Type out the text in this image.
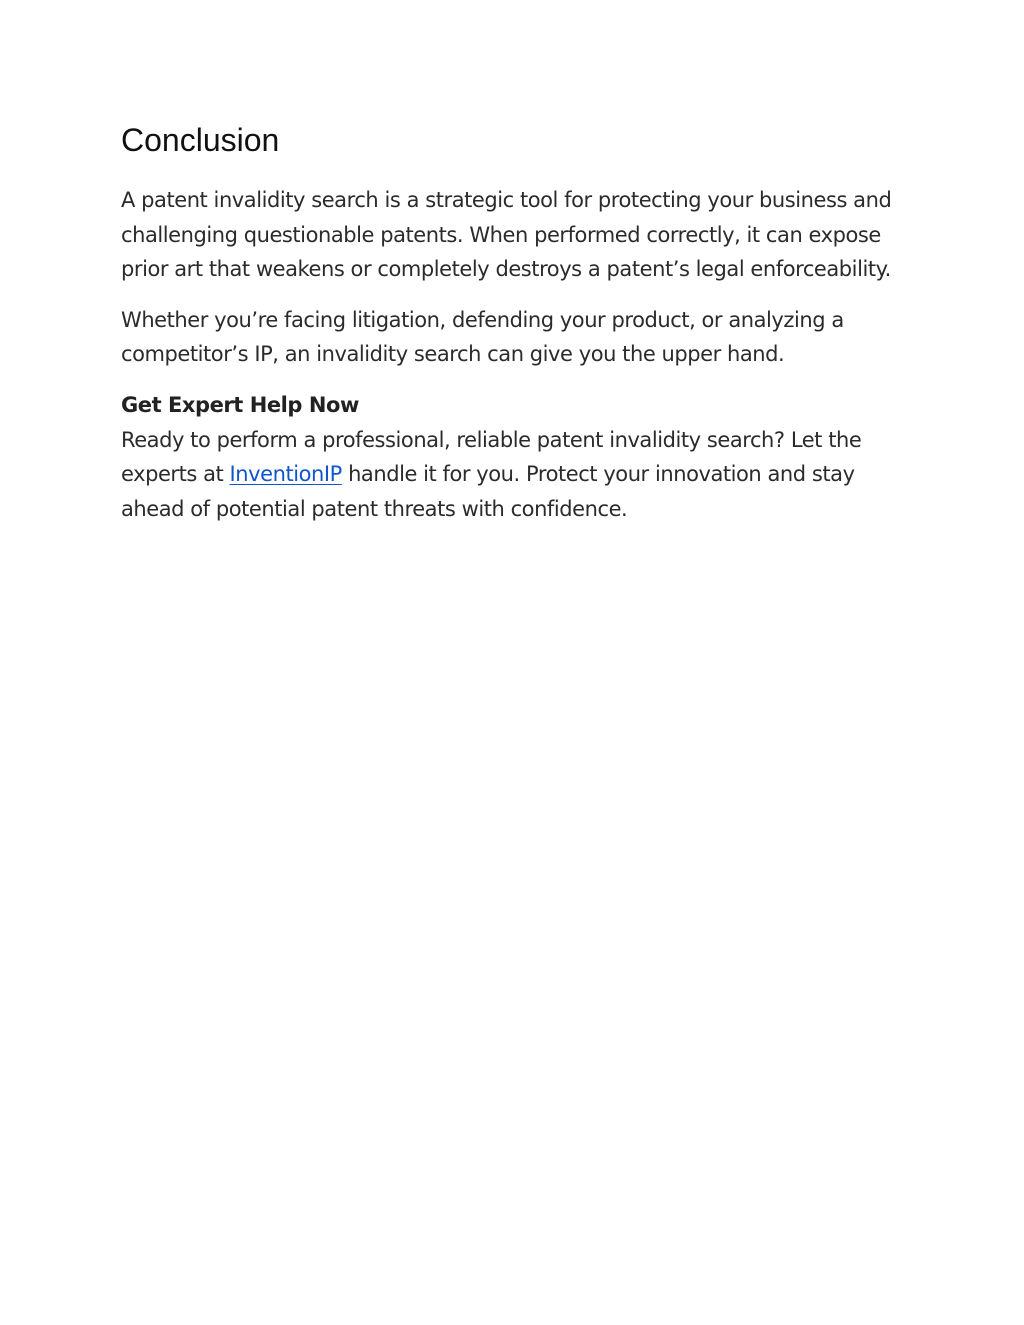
Conclusion

A patent invalidity search is a strategic tool for protecting your business and challenging questionable patents. When performed correctly, it can expose prior art that weakens or completely destroys a patent’s legal enforceability.

Whether you’re facing litigation, defending your product, or analyzing a competitor’s IP, an invalidity search can give you the upper hand.

Get Expert Help Now
Ready to perform a professional, reliable patent invalidity search? Let the experts at InventionIP handle it for you. Protect your innovation and stay ahead of potential patent threats with confidence.
